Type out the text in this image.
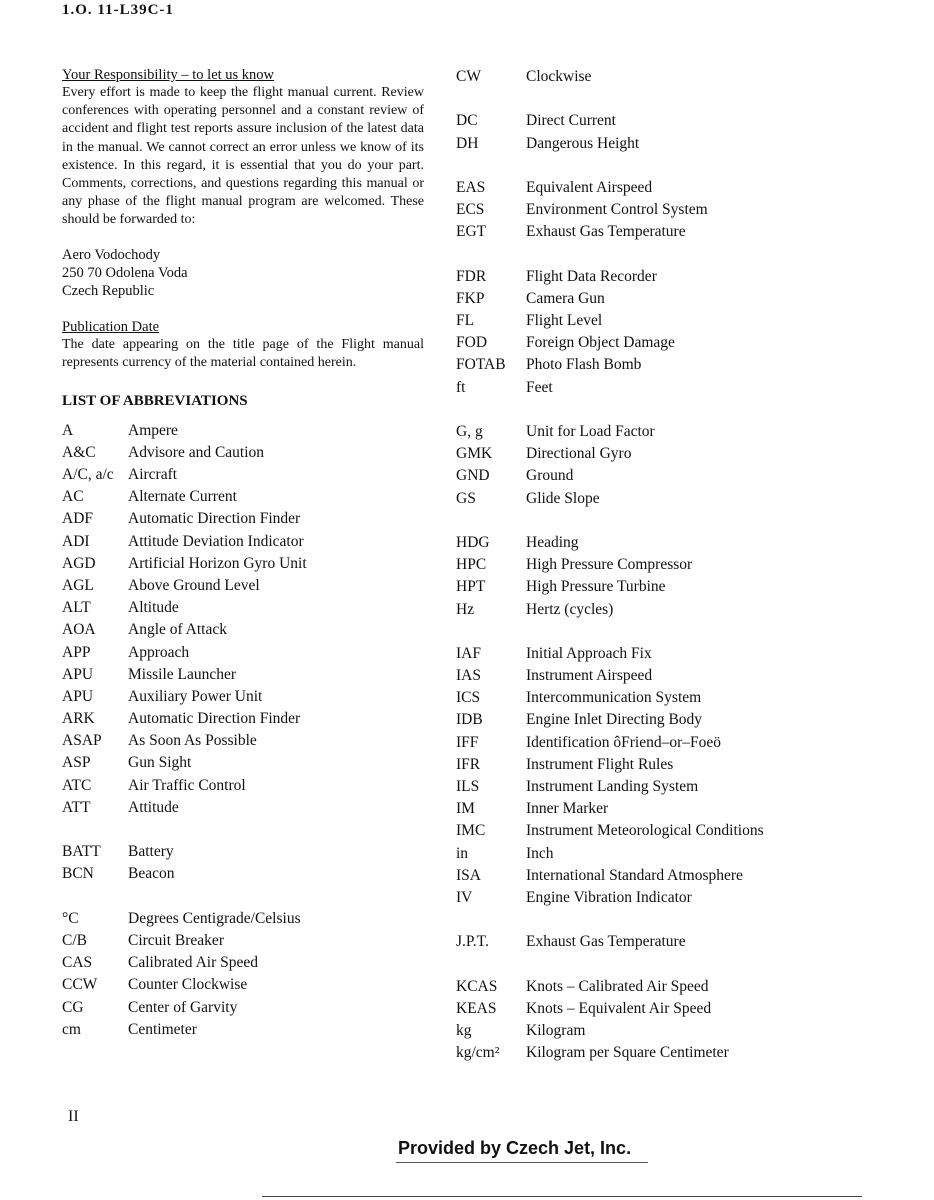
1.O. 11-L39C-1

Your Responsibility – to let us know

Every effort is made to keep the flight manual current. Review conferences with operating personnel and a constant review of accident and flight test reports assure inclusion of the latest data in the manual. We cannot correct an error unless we know of its existence. In this regard, it is essential that you do your part. Comments, corrections, and questions regarding this manual or any phase of the flight manual program are welcomed. These should be forwarded to:

Aero Vodochody

250 70 Odolena Voda

Czech Republic

Publication Date

The date appearing on the title page of the Flight manual represents currency of the material contained herein.

LIST OF ABBREVIATIONS

A	Ampere
A&C	Advisore and Caution
A/C, a/c Aircraft
AC	Alternate Current
ADF	Automatic Direction Finder
ADI	Attitude Deviation Indicator
AGD	Artificial Horizon Gyro Unit
AGL	Above Ground Level
ALT	Altitude
AOA	Angle of Attack
APP	Approach
APU	Missile Launcher
APU	Auxiliary Power Unit
ARK	Automatic Direction Finder
ASAP	As Soon As Possible
ASP	Gun Sight
ATC	Air Traffic Control
ATT	Attitude
BATT	Battery
BCN	Beacon
°C	Degrees Centigrade/Celsius
C/B	Circuit Breaker
CAS	Calibrated Air Speed
CCW	Counter Clockwise
CG	Center of Garvity
cm	Centimeter
CW	Clockwise
DC	Direct Current
DH	Dangerous Height
EAS	Equivalent Airspeed
ECS	Environment Control System
EGT	Exhaust Gas Temperature
FDR	Flight Data Recorder
FKP	Camera Gun
FL	Flight Level
FOD	Foreign Object Damage
FOTAB	Photo Flash Bomb
ft	Feet
G, g	Unit for Load Factor
GMK	Directional Gyro
GND	Ground
GS	Glide Slope
HDG	Heading
HPC	High Pressure Compressor
HPT	High Pressure Turbine
Hz	Hertz (cycles)
IAF	Initial Approach Fix
IAS	Instrument Airspeed
ICS	Intercommunication System
IDB	Engine Inlet Directing Body
IFF	Identification ôFriend–or–Foeö
IFR	Instrument Flight Rules
ILS	Instrument Landing System
IM	Inner Marker
IMC	Instrument Meteorological Conditions
in	Inch
ISA	International Standard Atmosphere
IV	Engine Vibration Indicator
J.P.T.	Exhaust Gas Temperature
KCAS	Knots – Calibrated Air Speed
KEAS	Knots – Equivalent Air Speed
kg	Kilogram
kg/cm²	Kilogram per Square Centimeter
II
Provided by Czech Jet, Inc.
